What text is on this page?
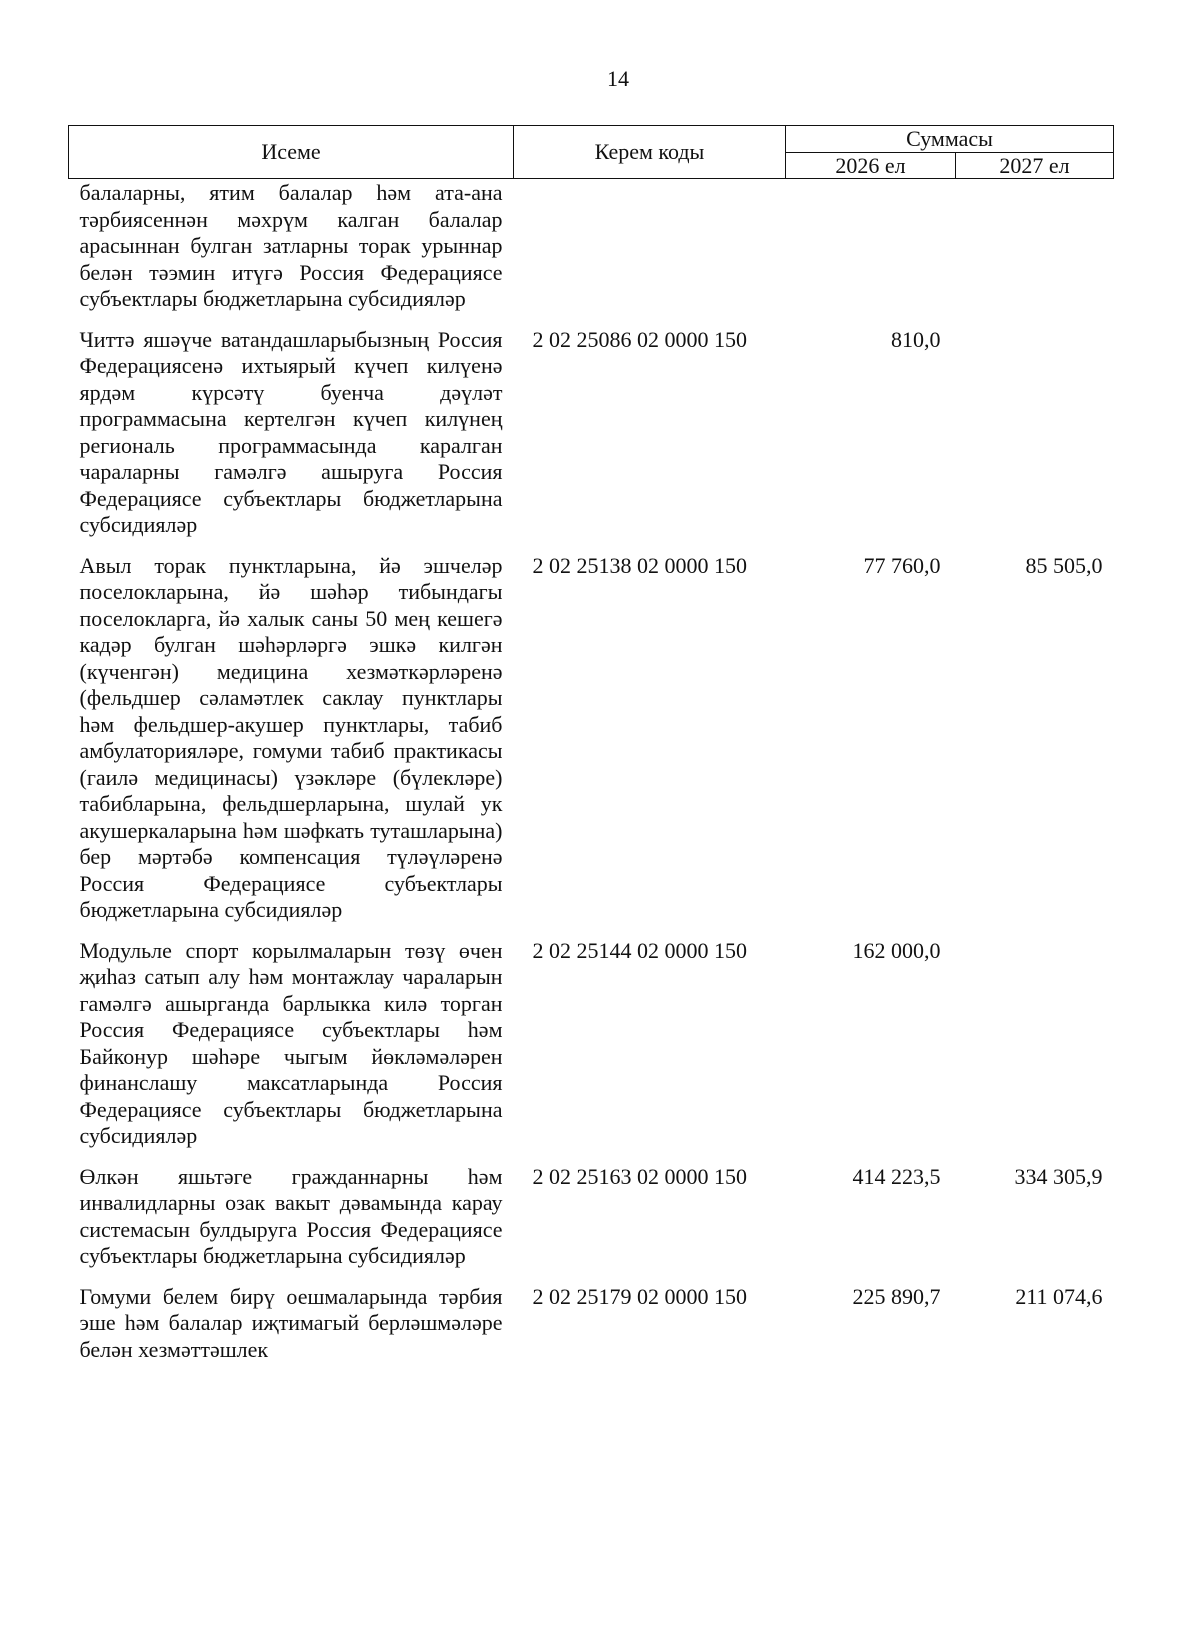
14
Исеме	Керем коды	Суммасы	
		2026 ел	2027 ел
балаларны, ятим балалар һәм ата-ана тәрбиясеннән мәхрүм калган балалар арасыннан булган затларны торак урыннар белән тәэмин итүгә Россия Федерациясе субъектлары бюджетларына субсидияләр			
Читтә яшәүче ватандашларыбызның Россия Федерациясенә ихтыярый күчеп килүенә ярдәм күрсәтү буенча дәүләт программасына кертелгән күчеп килүнең региональ программасында каралган чараларны гамәлгә ашыруга Россия Федерациясе субъектлары бюджетларына субсидияләр	2 02 25086 02 0000 150	810,0	
Авыл торак пунктларына, йә эшчеләр поселокларына, йә шәһәр тибындагы поселокларга, йә халык саны 50 мең кешегә кадәр булган шәһәрләргә эшкә килгән (күченгән) медицина хезмәткәрләренә (фельдшер сәламәтлек саклау пунктлары һәм фельдшер-акушер пунктлары, табиб амбулаторияләре, гомуми табиб практикасы (гаилә медицинасы) үзәкләре (бүлекләре) табибларына, фельдшерларына, шулай ук акушеркаларына һәм шәфкать туташларына) бер мәртәбә компенсация түләүләренә Россия Федерациясе субъектлары бюджетларына субсидияләр	2 02 25138 02 0000 150	77 760,0	85 505,0
Модульле спорт корылмаларын төзү өчен җиһаз сатып алу һәм монтажлау чараларын гамәлгә ашырганда барлыкка килә торган Россия Федерациясе субъектлары һәм Байконур шәһәре чыгым йөкләмәләрен финанслашу максатларында Россия Федерациясе субъектлары бюджетларына субсидияләр	2 02 25144 02 0000 150	162 000,0	
Өлкән яшьтәге гражданнарны һәм инвалидларны озак вакыт дәвамында карау системасын булдыруга Россия Федерациясе субъектлары бюджетларына субсидияләр	2 02 25163 02 0000 150	414 223,5	334 305,9
Гомуми белем бирү оешмаларында тәрбия эше һәм балалар иҗтимагый берләшмәләре белән хезмәттәшлек	2 02 25179 02 0000 150	225 890,7	211 074,6
